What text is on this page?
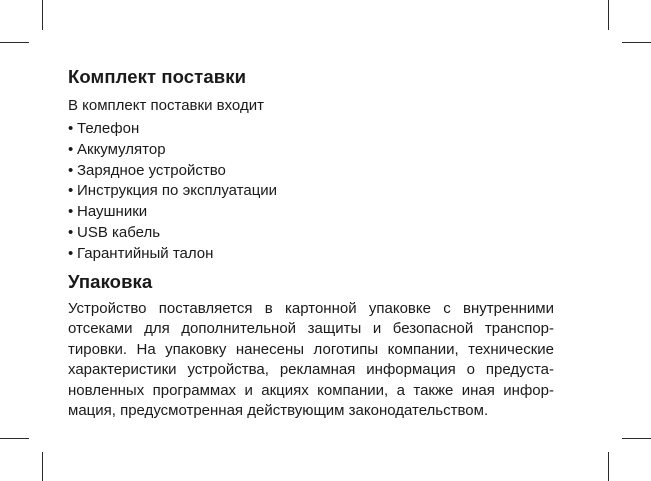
Комплект поставки

В комплект поставки входит

• Телефон
• Аккумулятор
• Зарядное устройство
• Инструкция по эксплуатации
• Наушники
• USB кабель
• Гарантийный талон
Упаковка
Устройство поставляется в картонной упаковке с внутренними
отсеками для дополнительной защиты и безопасной транспор-
тировки. На упаковку нанесены логотипы компании, технические
характеристики устройства, рекламная информация о предуста-
новленных программах и акциях компании, а также иная инфор-
мация, предусмотренная действующим законодательством.
